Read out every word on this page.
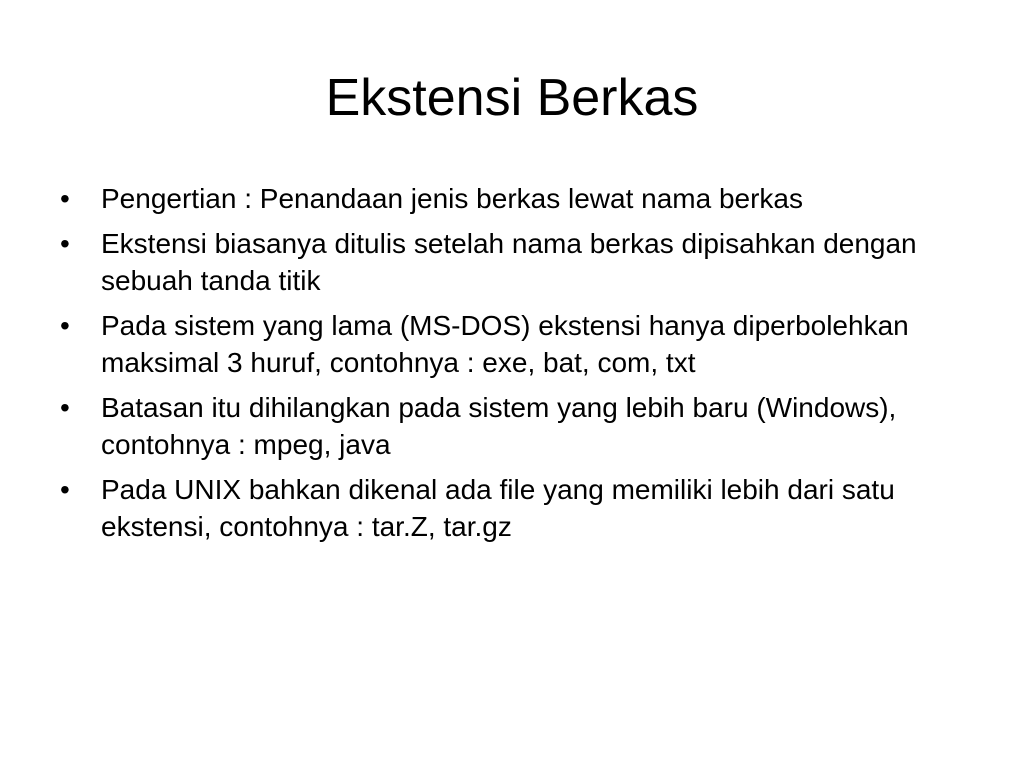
Ekstensi Berkas
•	Pengertian : Penandaan jenis berkas lewat nama berkas
•	Ekstensi biasanya ditulis setelah nama berkas dipisahkan dengan sebuah tanda titik
•	Pada sistem yang lama (MS-DOS) ekstensi hanya diperbolehkan maksimal 3 huruf, contohnya : exe, bat, com, txt
•	Batasan itu dihilangkan pada sistem yang lebih baru (Windows), contohnya : mpeg, java
•	Pada UNIX bahkan dikenal ada file yang memiliki lebih dari satu ekstensi, contohnya : tar.Z, tar.gz
